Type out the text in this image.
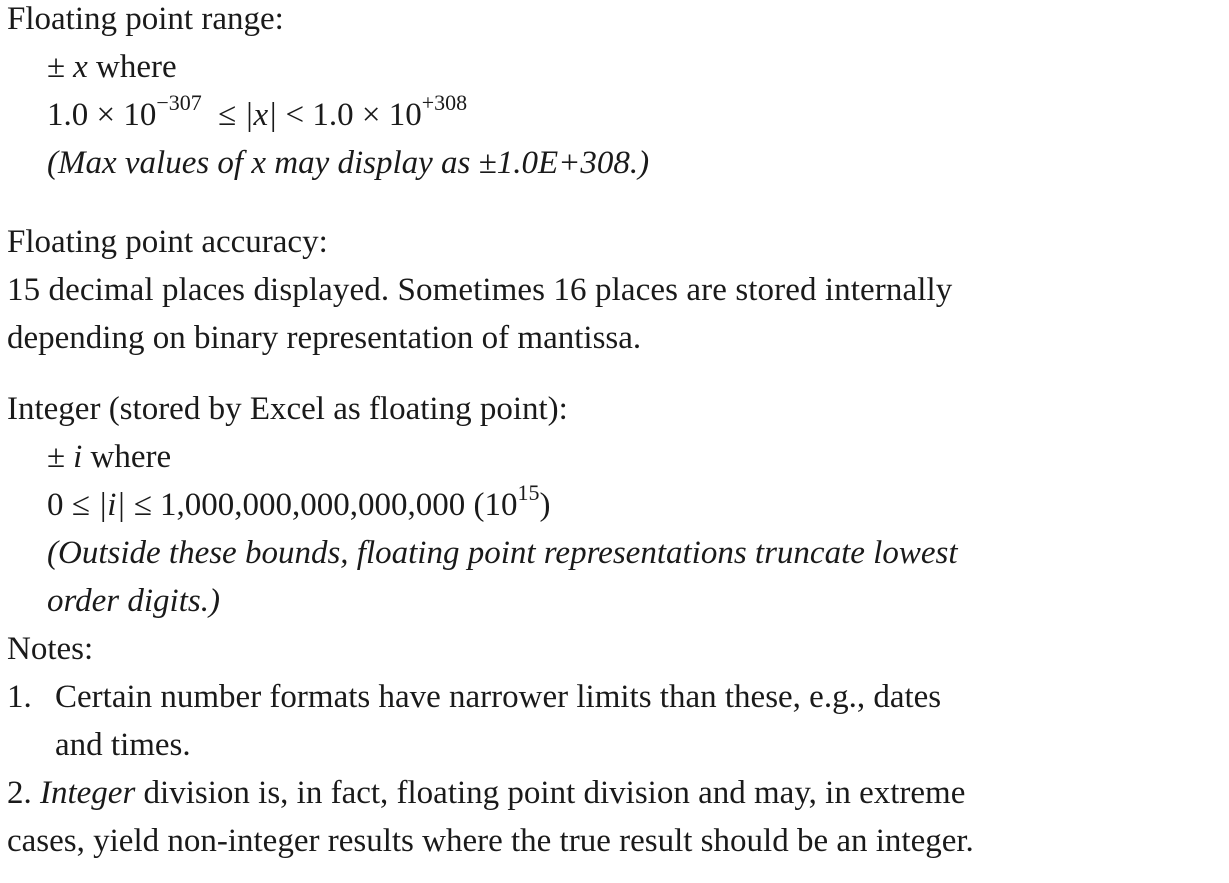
Floating point range:
± x where
$1.0 \times 10^{-307} \le |x| < 1.0 \times 10^{+308}$
(Max values of x may display as ±1.0E+308.)
Floating point accuracy:
15 decimal places displayed. Sometimes 16 places are stored internally
depending on binary representation of mantissa.
Integer (stored by Excel as floating point):
± i where
0 ≤ |i| ≤ 1,000,000,000,000,000 $(10^{15})$
(Outside these bounds, floating point representations truncate lowest
order digits.)
Notes:
1. Certain number formats have narrower limits than these, e.g., dates
and times.
2. Integer division is, in fact, floating point division and may, in extreme
cases, yield non-integer results where the true result should be an integer.
